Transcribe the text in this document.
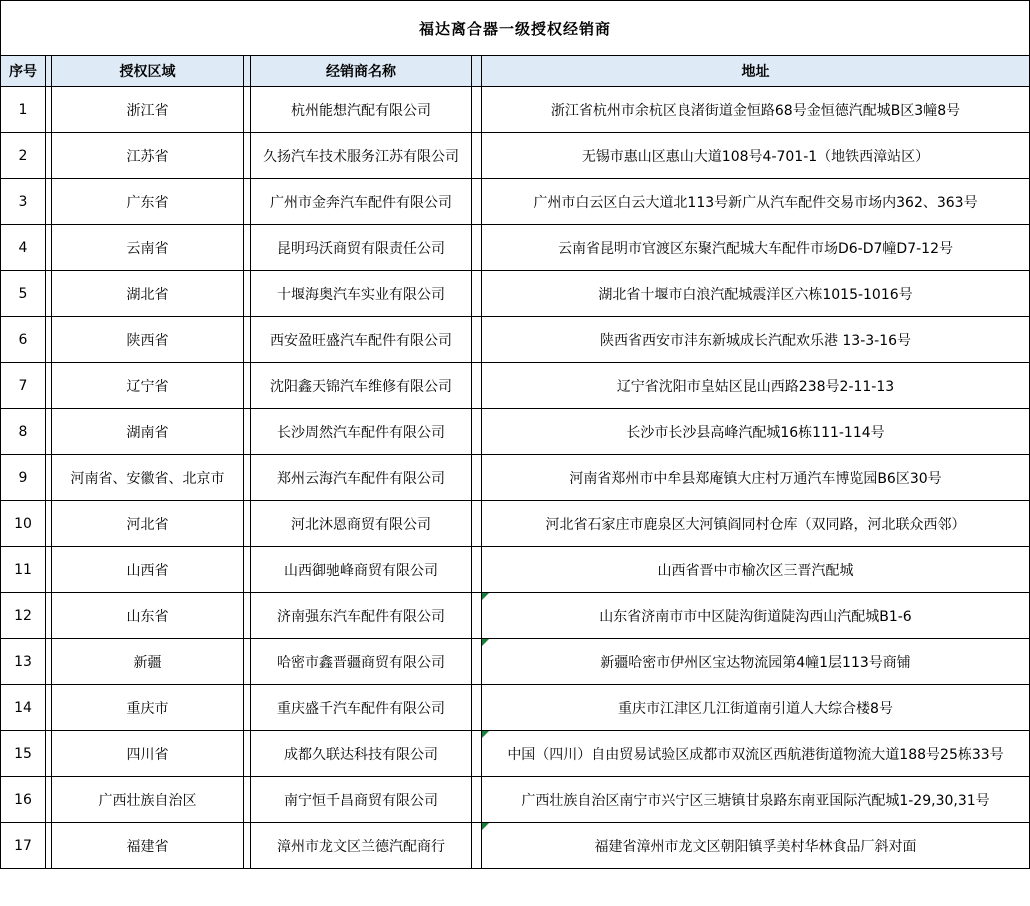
福达离合器一级授权经销商						
序号		授权区域		经销商名称		地址
1		浙江省		杭州能想汽配有限公司		浙江省杭州市余杭区良渚街道金恒路68号金恒德汽配城B区3幢8号
2		江苏省		久扬汽车技术服务江苏有限公司		无锡市惠山区惠山大道108号4-701-1（地铁西漳站区）
3		广东省		广州市金奔汽车配件有限公司		广州市白云区白云大道北113号新广从汽车配件交易市场内362、363号
4		云南省		昆明玛沃商贸有限责任公司		云南省昆明市官渡区东聚汽配城大车配件市场D6-D7幢D7-12号
5		湖北省		十堰海奥汽车实业有限公司		湖北省十堰市白浪汽配城震洋区六栋1015-1016号
6		陕西省		西安盈旺盛汽车配件有限公司		陕西省西安市沣东新城成长汽配欢乐港 13-3-16号
7		辽宁省		沈阳鑫天锦汽车维修有限公司		辽宁省沈阳市皇姑区昆山西路238号2-11-13
8		湖南省		长沙周然汽车配件有限公司		长沙市长沙县高峰汽配城16栋111-114号
9		河南省、安徽省、北京市		郑州云海汽车配件有限公司		河南省郑州市中牟县郑庵镇大庄村万通汽车博览园B6区30号
10		河北省		河北沐恩商贸有限公司		河北省石家庄市鹿泉区大河镇阎同村仓库（双同路，河北联众西邻）
11		山西省		山西御驰峰商贸有限公司		山西省晋中市榆次区三晋汽配城
12		山东省		济南强东汽车配件有限公司		山东省济南市市中区陡沟街道陡沟西山汽配城B1-6
13		新疆		哈密市鑫晋疆商贸有限公司		新疆哈密市伊州区宝达物流园第4幢1层113号商铺
14		重庆市		重庆盛千汽车配件有限公司		重庆市江津区几江街道南引道人大综合楼8号
15		四川省		成都久联达科技有限公司		中国（四川）自由贸易试验区成都市双流区西航港街道物流大道188号25栋33号
16		广西壮族自治区		南宁恒千昌商贸有限公司		广西壮族自治区南宁市兴宁区三塘镇甘泉路东南亚国际汽配城1-29,30,31号
17		福建省		漳州市龙文区兰德汽配商行		福建省漳州市龙文区朝阳镇孚美村华林食品厂斜对面
